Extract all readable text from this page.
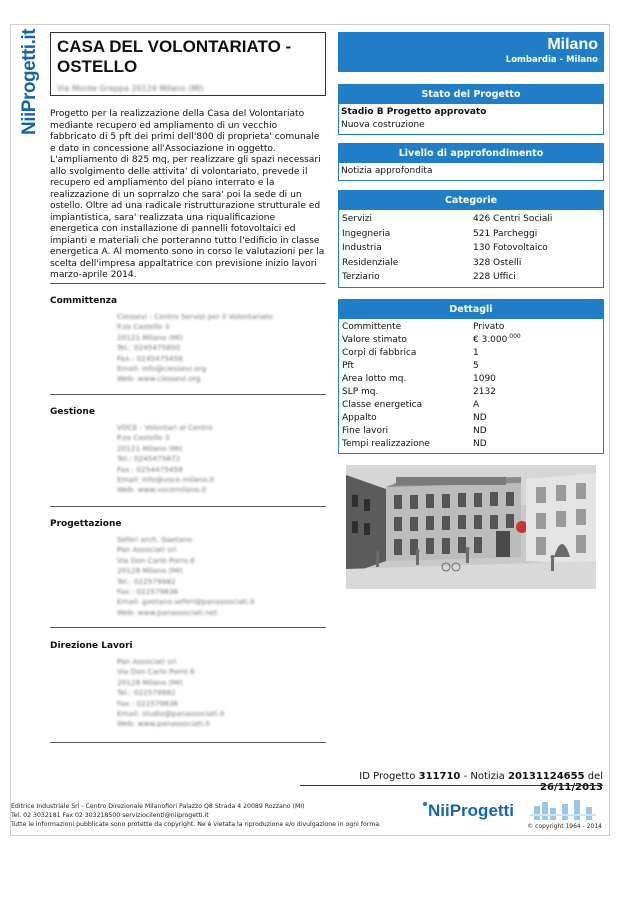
NiiProgetti.it CASA DEL VOLONTARIATO - OSTELLO
Via Monte Grappa 20124 Milano (MI)
Progetto per la realizzazione della Casa del Volontariato mediante recupero ed ampliamento di un vecchio fabbricato di 5 pft dei primi dell'800 di proprieta' comunale e dato in concessione all'Associazione in oggetto. L'ampliamento di 825 mq, per realizzare gli spazi necessari allo svolgimento delle attivita' di volontariato, prevede il recupero ed ampliamento del piano interrato e la realizzazione di un soprralzo che sara' poi la sede di un ostello. Oltre ad una radicale ristrutturazione strutturale ed impiantistica, sara' realizzata una riqualificazione energetica con installazione di pannelli fotovoltaici ed impianti e materiali che porteranno tutto l'edificio in classe energetica A. Al momento sono in corso le valutazioni per la scelta dell'impresa appaltatrice con previsione inizio lavori marzo-aprile 2014.
Committenza
Ciessevi - Centro Servizi per il Volontariato
P.za Castello 3
20121 Milano (MI)
Tel.: 0245475850
Fax.: 0245475458
Email: info@ciessevi.org
Web: www.ciessevi.org
Gestione
VOCE - Volontari al Centro
P.za Castello 3
20121 Milano (MI)
Tel.: 0245475872
Fax.: 0254475458
Email: info@voce.milano.it
Web: www.vocemilano.it
Progettazione
Seferi arch. Gaetano
Pan Associati srl
Via Don Carlo Porro 6
20128 Milano (MI)
Tel.: 022579982
Fax.: 022579836
Email: gaetano.seferi@panassociati.it
Web: www.panassociati.net
Direzione Lavori
Pan Associati srl
Via Don Carlo Porro 6
20128 Milano (MI)
Tel.: 022579982
Fax.: 022579836
Email: studio@panassociati.it
Web: www.panassociati.it
Milano
Lombardia - Milano
Stato del Progetto
Stadio B Progetto approvato
Nuova costruzione
Livello di approfondimento
Notizia approfondita
Categorie
Servizi	426 Centri Sociali
Ingegneria	521 Parcheggi
Industria	130 Fotovoltaico
Residenziale	328 Ostelli
Terziario	228 Uffici
Dettagli
Committente	Privato
Valore stimato	€ $3.000^{.000}$
Corpi di fabbrica	1
Pft	5
Area lotto mq.	1090
SLP mq.	2132
Classe energetica	A
Appalto	ND
Fine lavori	ND
Tempi realizzazione	ND
ID Progetto 311710 - Notizia 20131124655 del 26/11/2013
Editrice Industriale Srl - Centro Direzionale Milanofiori Palazzo Q8 Strada 4 20089 Rozzano (MI)
Tel. 02 3032181 Fax 02 303218500 serviziocilenti@niiprogetti.it
Tutte le informazioni pubblicate sono protette da copyright. Ne è vietata la riproduzione e/o divulgazione in ogni forma.
NiiProgetti
© copyright 1964 - 2014
